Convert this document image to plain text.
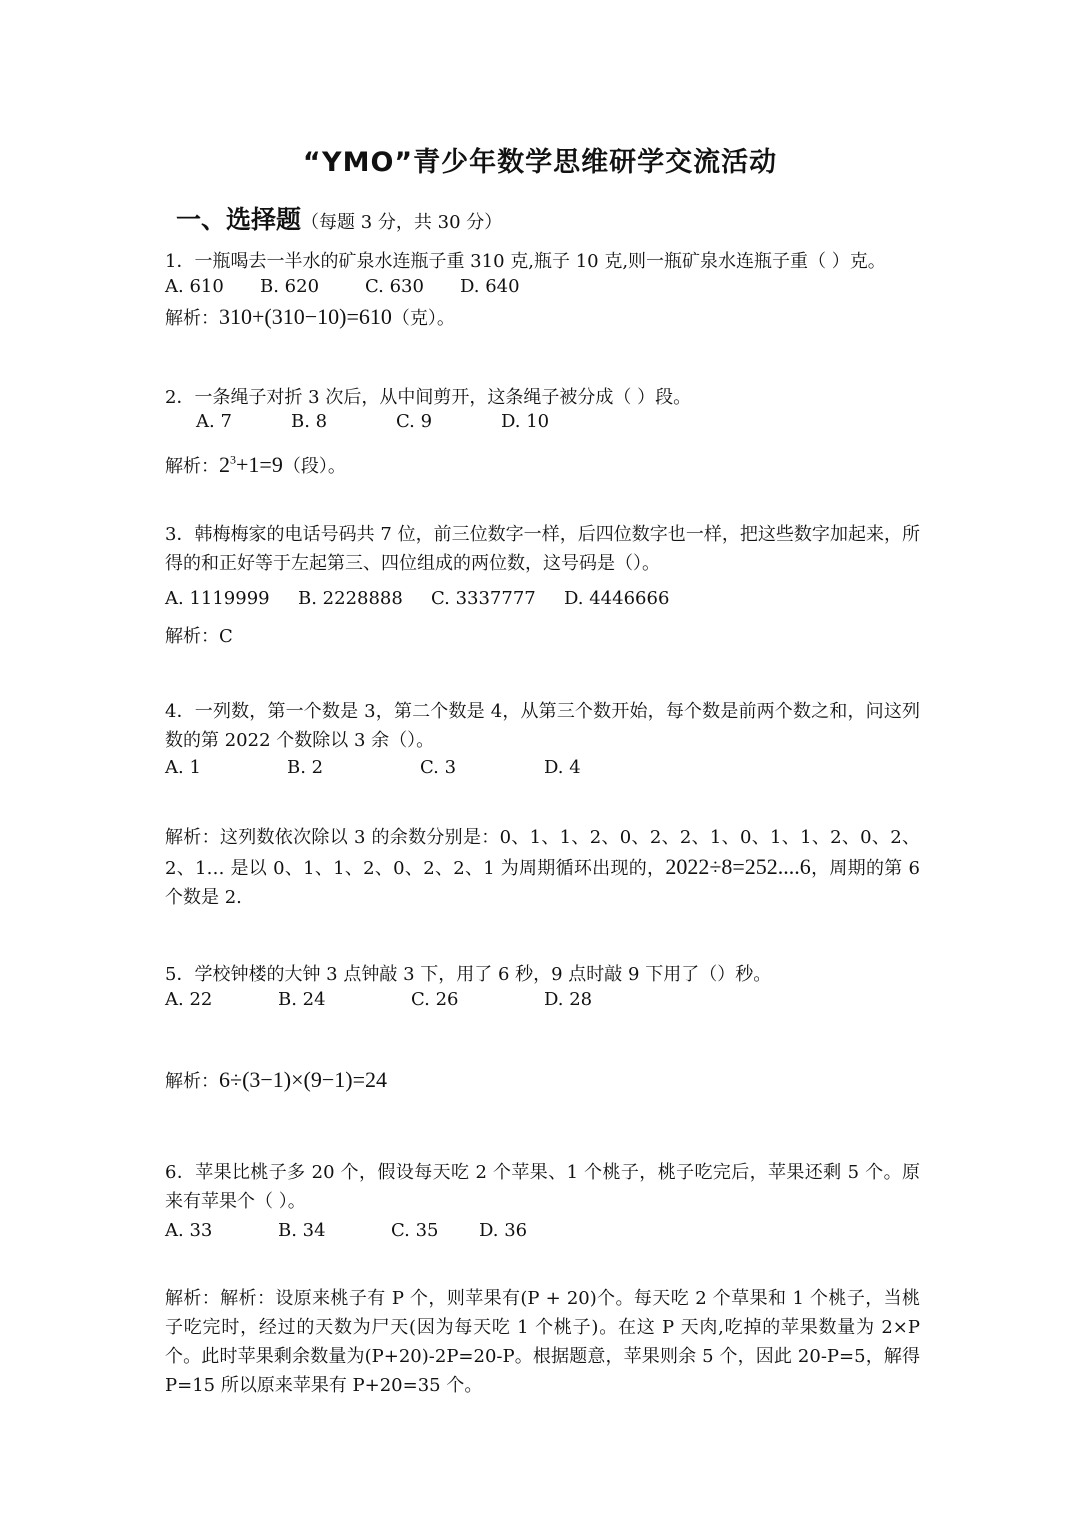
“YMO”青少年数学思维研学交流活动
一、选择题（每题 3 分，共 30 分）
1．一瓶喝去一半水的矿泉水连瓶子重 310 克,瓶子 10 克,则一瓶矿泉水连瓶子重（ ）克。
A. 610 B. 620	C. 630 D. 640
解析：310+(310−10)=610（克）。
2．一条绳子对折 3 次后，从中间剪开，这条绳子被分成（ ）段。
A. 7	B. 8	C. 9	D. 10
解析：$2^3+1=9$（段）。
3．韩梅梅家的电话号码共 7 位，前三位数字一样，后四位数字也一样，把这些数字加起来，所得的和正好等于左起第三、四位组成的两位数，这号码是（）。
A. 1119999 B. 2228888 C. 3337777 D. 4446666
解析：C
4．一列数，第一个数是 3，第二个数是 4，从第三个数开始，每个数是前两个数之和，问这列数的第 2022 个数除以 3 余（）。
A. 1	B. 2	C. 3	D. 4
解析：这列数依次除以 3 的余数分别是：0、1、1、2、0、2、2、1、0、1、1、2、0、2、2、1… 是以 0、1、1、2、0、2、2、1 为周期循环出现的，2022÷8=252....6，周期的第 6 个数是 2.
5．学校钟楼的大钟 3 点钟敲 3 下，用了 6 秒，9 点时敲 9 下用了（）秒。
A. 22	B. 24	C. 26	D. 28
解析：6÷(3−1)×(9−1)=24
6．苹果比桃子多 20 个，假设每天吃 2 个苹果、1 个桃子，桃子吃完后，苹果还剩 5 个。原来有苹果个（ ）。
A. 33	B. 34	C. 35 D. 36
解析：解析：设原来桃子有 P 个，则苹果有(P + 20)个。每天吃 2 个草果和 1 个桃子，当桃子吃完时，经过的天数为尸天(因为每天吃 1 个桃子)。在这 P 天肉,吃掉的苹果数量为 2×P 个。此时苹果剩余数量为(P+20)-2P=20-P。根据题意，苹果则余 5 个，因此 20-P=5，解得 P=15 所以原来苹果有 P+20=35 个。
